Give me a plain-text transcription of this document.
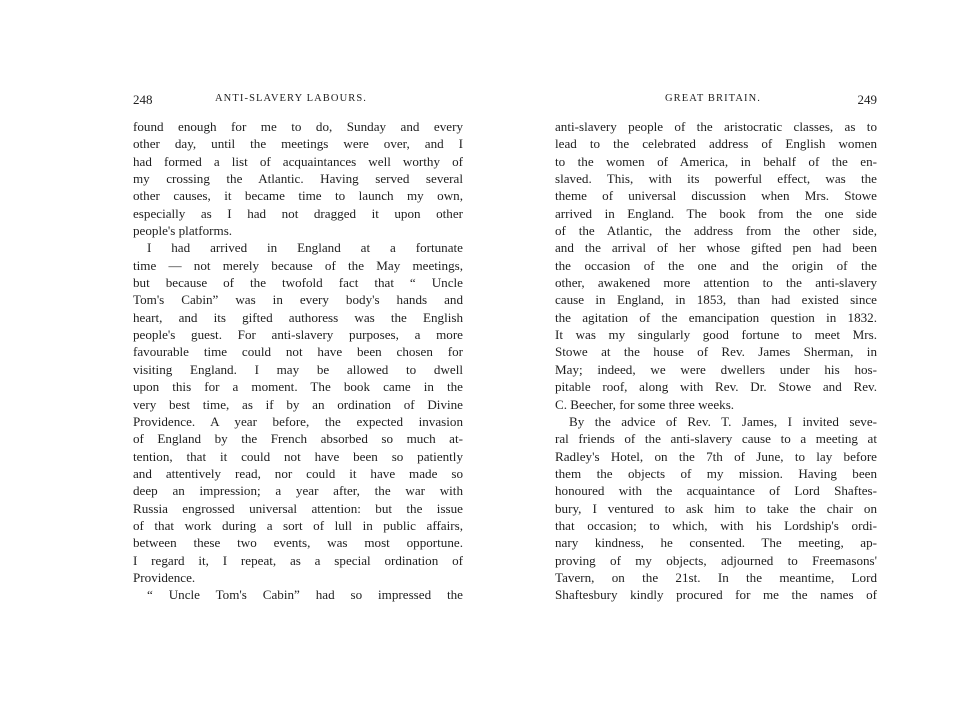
248	ANTI-SLAVERY LABOURS.
found enough for me to do, Sunday and every
other day, until the meetings were over, and I
had formed a list of acquaintances well worthy of
my crossing the Atlantic. Having served several
other causes, it became time to launch my own,
especially as I had not dragged it upon other
people's platforms.
I had arrived in England at a fortunate
time — not merely because of the May meetings,
but because of the twofold fact that “ Uncle
Tom's Cabin” was in every body's hands and
heart, and its gifted authoress was the English
people's guest. For anti-slavery purposes, a more
favourable time could not have been chosen for
visiting England. I may be allowed to dwell
upon this for a moment. The book came in the
very best time, as if by an ordination of Divine
Providence. A year before, the expected invasion
of England by the French absorbed so much at-
tention, that it could not have been so patiently
and attentively read, nor could it have made so
deep an impression; a year after, the war with
Russia engrossed universal attention: but the issue
of that work during a sort of lull in public affairs,
between these two events, was most opportune.
I regard it, I repeat, as a special ordination of
Providence.
“ Uncle Tom's Cabin” had so impressed the
GREAT BRITAIN.	249
anti-slavery people of the aristocratic classes, as to
lead to the celebrated address of English women
to the women of America, in behalf of the en-
slaved. This, with its powerful effect, was the
theme of universal discussion when Mrs. Stowe
arrived in England. The book from the one side
of the Atlantic, the address from the other side,
and the arrival of her whose gifted pen had been
the occasion of the one and the origin of the
other, awakened more attention to the anti-slavery
cause in England, in 1853, than had existed since
the agitation of the emancipation question in 1832.
It was my singularly good fortune to meet Mrs.
Stowe at the house of Rev. James Sherman, in
May; indeed, we were dwellers under his hos-
pitable roof, along with Rev. Dr. Stowe and Rev.
C. Beecher, for some three weeks.
By the advice of Rev. T. James, I invited seve-
ral friends of the anti-slavery cause to a meeting at
Radley's Hotel, on the 7th of June, to lay before
them the objects of my mission. Having been
honoured with the acquaintance of Lord Shaftes-
bury, I ventured to ask him to take the chair on
that occasion; to which, with his Lordship's ordi-
nary kindness, he consented. The meeting, ap-
proving of my objects, adjourned to Freemasons'
Tavern, on the 21st. In the meantime, Lord
Shaftesbury kindly procured for me the names of
